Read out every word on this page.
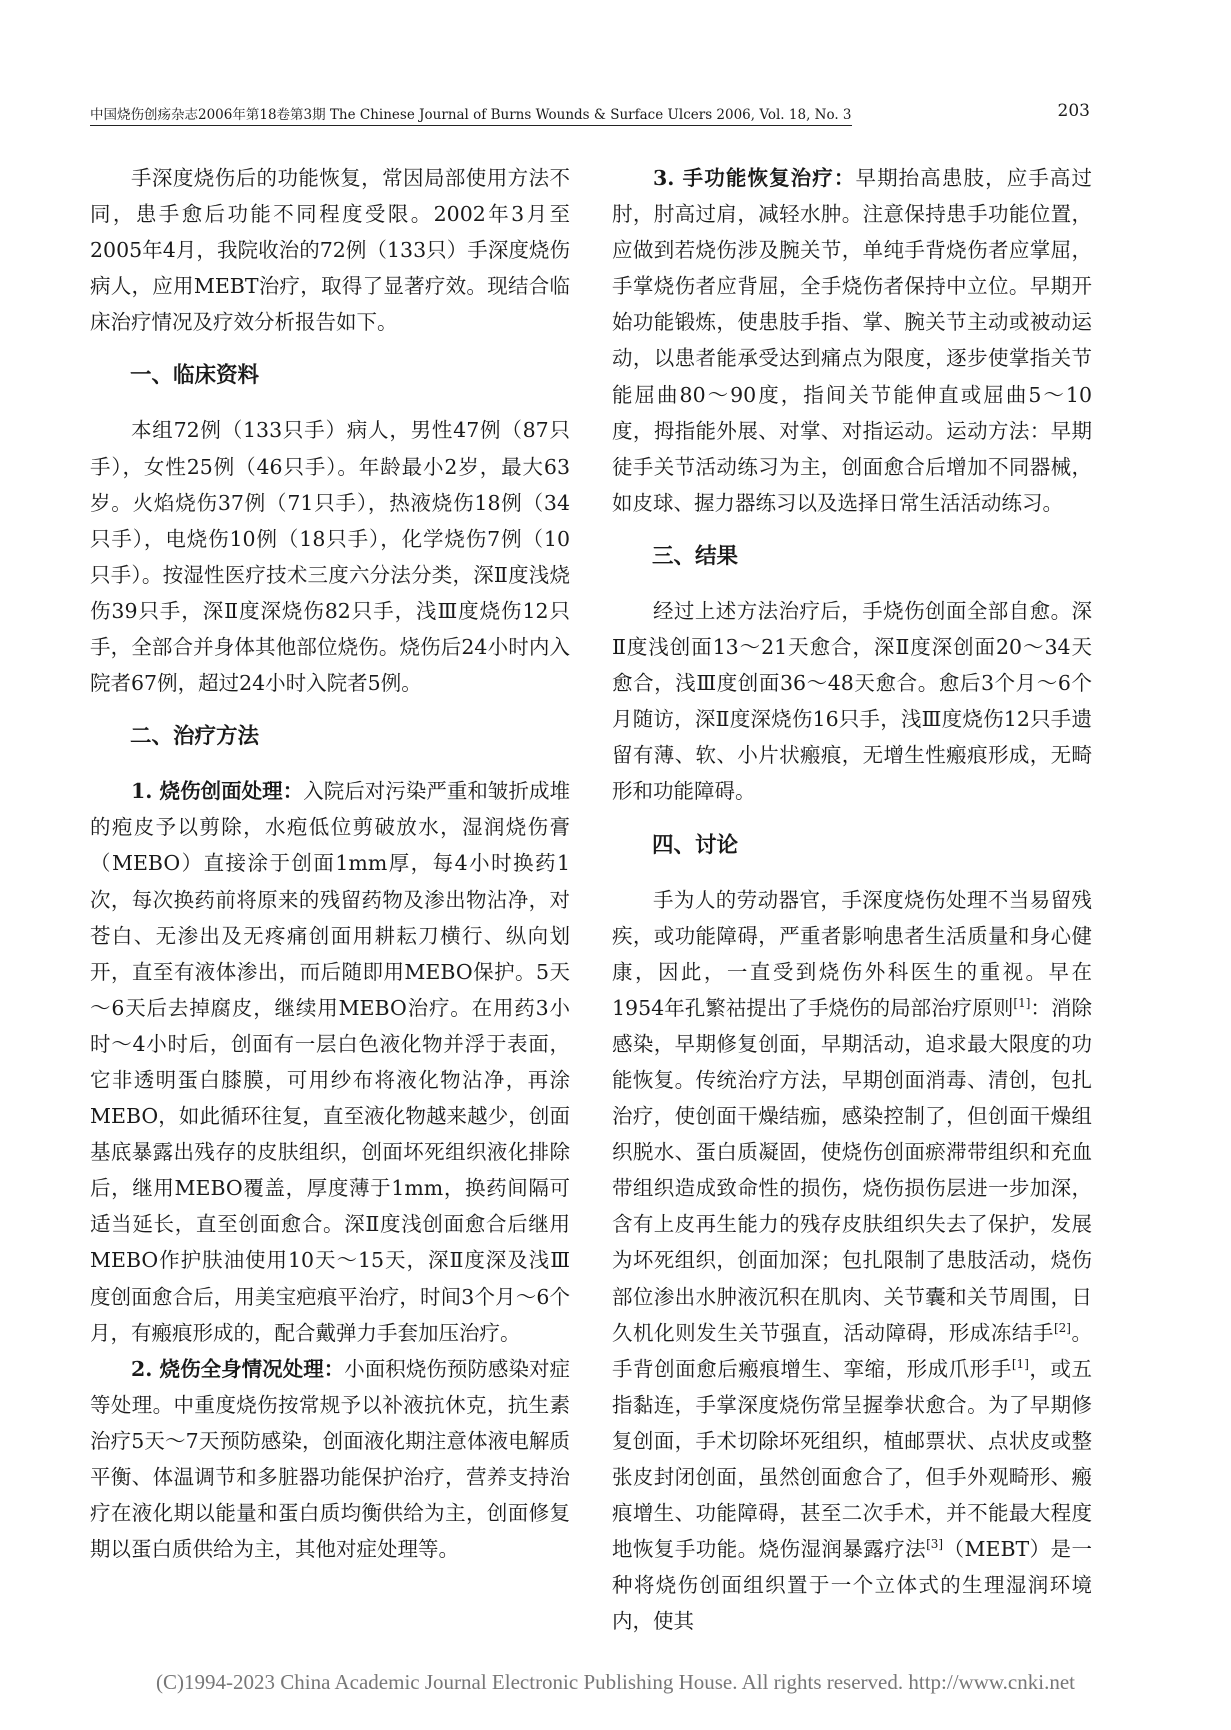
中国烧伤创疡杂志2006年第18卷第3期 The Chinese Journal of Burns Wounds & Surface Ulcers 2006, Vol. 18, No. 3	203

手深度烧伤后的功能恢复，常因局部使用方法不同，患手愈后功能不同程度受限。2002年3月至2005年4月，我院收治的72例（133只）手深度烧伤病人，应用MEBT治疗，取得了显著疗效。现结合临床治疗情况及疗效分析报告如下。

一、临床资料

本组72例（133只手）病人，男性47例（87只手），女性25例（46只手）。年龄最小2岁，最大63岁。火焰烧伤37例（71只手），热液烧伤18例（34只手），电烧伤10例（18只手），化学烧伤7例（10只手）。按湿性医疗技术三度六分法分类，深Ⅱ度浅烧伤39只手，深Ⅱ度深烧伤82只手，浅Ⅲ度烧伤12只手，全部合并身体其他部位烧伤。烧伤后24小时内入院者67例，超过24小时入院者5例。

二、治疗方法

1. 烧伤创面处理：入院后对污染严重和皱折成堆的疱皮予以剪除，水疱低位剪破放水，湿润烧伤膏（MEBO）直接涂于创面1mm厚，每4小时换药1次，每次换药前将原来的残留药物及渗出物沾净，对苍白、无渗出及无疼痛创面用耕耘刀横行、纵向划开，直至有液体渗出，而后随即用MEBO保护。5天～6天后去掉腐皮，继续用MEBO治疗。在用药3小时～4小时后，创面有一层白色液化物并浮于表面，它非透明蛋白膝膜，可用纱布将液化物沾净，再涂MEBO，如此循环往复，直至液化物越来越少，创面基底暴露出残存的皮肤组织，创面坏死组织液化排除后，继用MEBO覆盖，厚度薄于1mm，换药间隔可适当延长，直至创面愈合。深Ⅱ度浅创面愈合后继用MEBO作护肤油使用10天～15天，深Ⅱ度深及浅Ⅲ度创面愈合后，用美宝疤痕平治疗，时间3个月～6个月，有瘢痕形成的，配合戴弹力手套加压治疗。

2. 烧伤全身情况处理：小面积烧伤预防感染对症等处理。中重度烧伤按常规予以补液抗休克，抗生素治疗5天～7天预防感染，创面液化期注意体液电解质平衡、体温调节和多脏器功能保护治疗，营养支持治疗在液化期以能量和蛋白质均衡供给为主，创面修复期以蛋白质供给为主，其他对症处理等。

3. 手功能恢复治疗：早期抬高患肢，应手高过肘，肘高过肩，减轻水肿。注意保持患手功能位置，应做到若烧伤涉及腕关节，单纯手背烧伤者应掌屈，手掌烧伤者应背屈，全手烧伤者保持中立位。早期开始功能锻炼，使患肢手指、掌、腕关节主动或被动运动，以患者能承受达到痛点为限度，逐步使掌指关节能屈曲80～90度，指间关节能伸直或屈曲5～10度，拇指能外展、对掌、对指运动。运动方法：早期徒手关节活动练习为主，创面愈合后增加不同器械，如皮球、握力器练习以及选择日常生活活动练习。

三、结果

经过上述方法治疗后，手烧伤创面全部自愈。深Ⅱ度浅创面13～21天愈合，深Ⅱ度深创面20～34天愈合，浅Ⅲ度创面36～48天愈合。愈后3个月～6个月随访，深Ⅱ度深烧伤16只手，浅Ⅲ度烧伤12只手遗留有薄、软、小片状瘢痕，无增生性瘢痕形成，无畸形和功能障碍。

四、讨论

手为人的劳动器官，手深度烧伤处理不当易留残疾，或功能障碍，严重者影响患者生活质量和身心健康，因此，一直受到烧伤外科医生的重视。早在1954年孔繁祜提出了手烧伤的局部治疗原则[1]：消除感染，早期修复创面，早期活动，追求最大限度的功能恢复。传统治疗方法，早期创面消毒、清创，包扎治疗，使创面干燥结痂，感染控制了，但创面干燥组织脱水、蛋白质凝固，使烧伤创面瘀滞带组织和充血带组织造成致命性的损伤，烧伤损伤层进一步加深，含有上皮再生能力的残存皮肤组织失去了保护，发展为坏死组织，创面加深；包扎限制了患肢活动，烧伤部位渗出水肿液沉积在肌肉、关节囊和关节周围，日久机化则发生关节强直，活动障碍，形成冻结手[2]。手背创面愈后瘢痕增生、挛缩，形成爪形手[1]，或五指黏连，手掌深度烧伤常呈握拳状愈合。为了早期修复创面，手术切除坏死组织，植邮票状、点状皮或整张皮封闭创面，虽然创面愈合了，但手外观畸形、瘢痕增生、功能障碍，甚至二次手术，并不能最大程度地恢复手功能。烧伤湿润暴露疗法[3]（MEBT）是一种将烧伤创面组织置于一个立体式的生理湿润环境内，使其

(C)1994-2023 China Academic Journal Electronic Publishing House. All rights reserved. http://www.cnki.net
